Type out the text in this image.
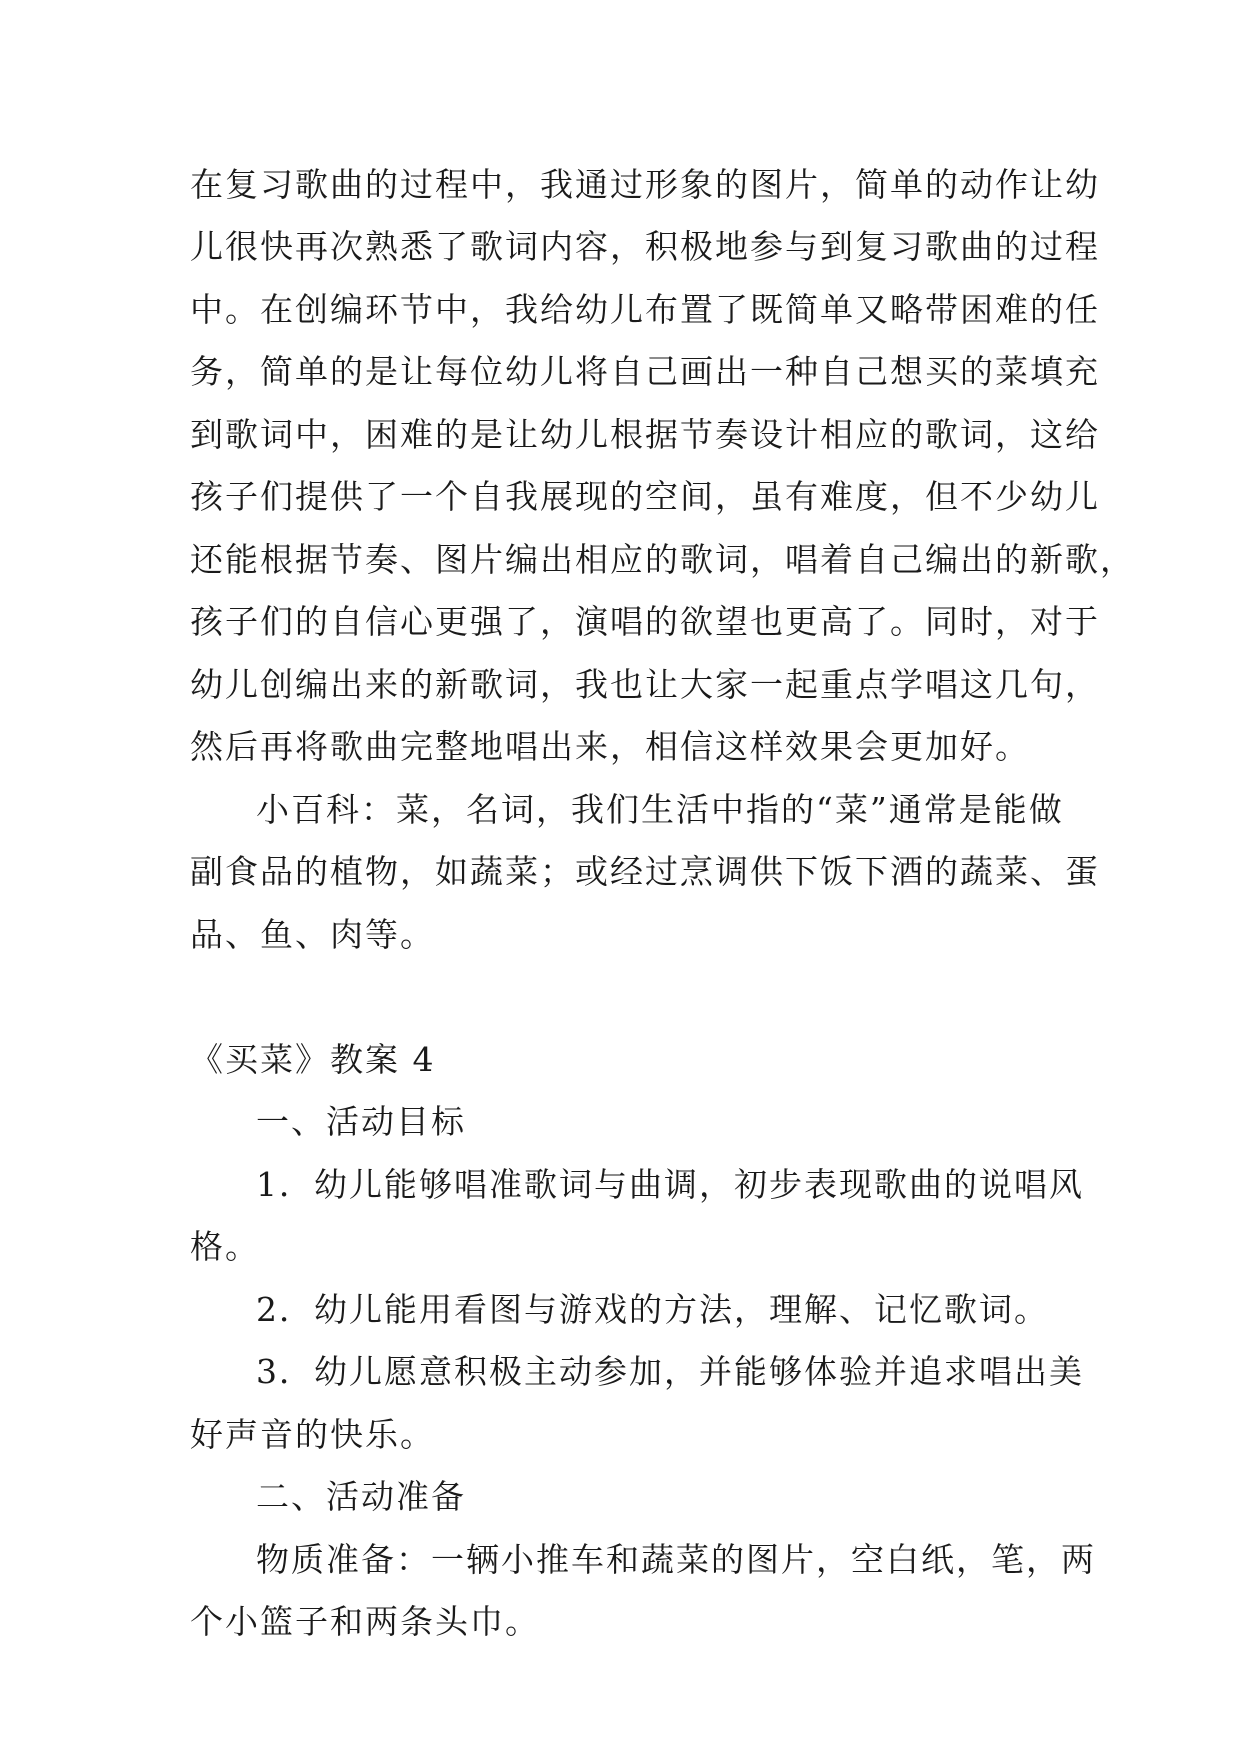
在复习歌曲的过程中，我通过形象的图片，简单的动作让幼
儿很快再次熟悉了歌词内容，积极地参与到复习歌曲的过程
中。在创编环节中，我给幼儿布置了既简单又略带困难的任
务，简单的是让每位幼儿将自己画出一种自己想买的菜填充
到歌词中，困难的是让幼儿根据节奏设计相应的歌词，这给
孩子们提供了一个自我展现的空间，虽有难度，但不少幼儿
还能根据节奏、图片编出相应的歌词，唱着自己编出的新歌，
孩子们的自信心更强了，演唱的欲望也更高了。同时，对于
幼儿创编出来的新歌词，我也让大家一起重点学唱这几句，
然后再将歌曲完整地唱出来，相信这样效果会更加好。
小百科：菜，名词，我们生活中指的“菜”通常是能做
副食品的植物，如蔬菜；或经过烹调供下饭下酒的蔬菜、蛋
品、鱼、肉等。
《买菜》教案 4
一、活动目标
1．幼儿能够唱准歌词与曲调，初步表现歌曲的说唱风
格。
2．幼儿能用看图与游戏的方法，理解、记忆歌词。
3．幼儿愿意积极主动参加，并能够体验并追求唱出美
好声音的快乐。
二、活动准备
物质准备：一辆小推车和蔬菜的图片，空白纸，笔，两
个小篮子和两条头巾。
